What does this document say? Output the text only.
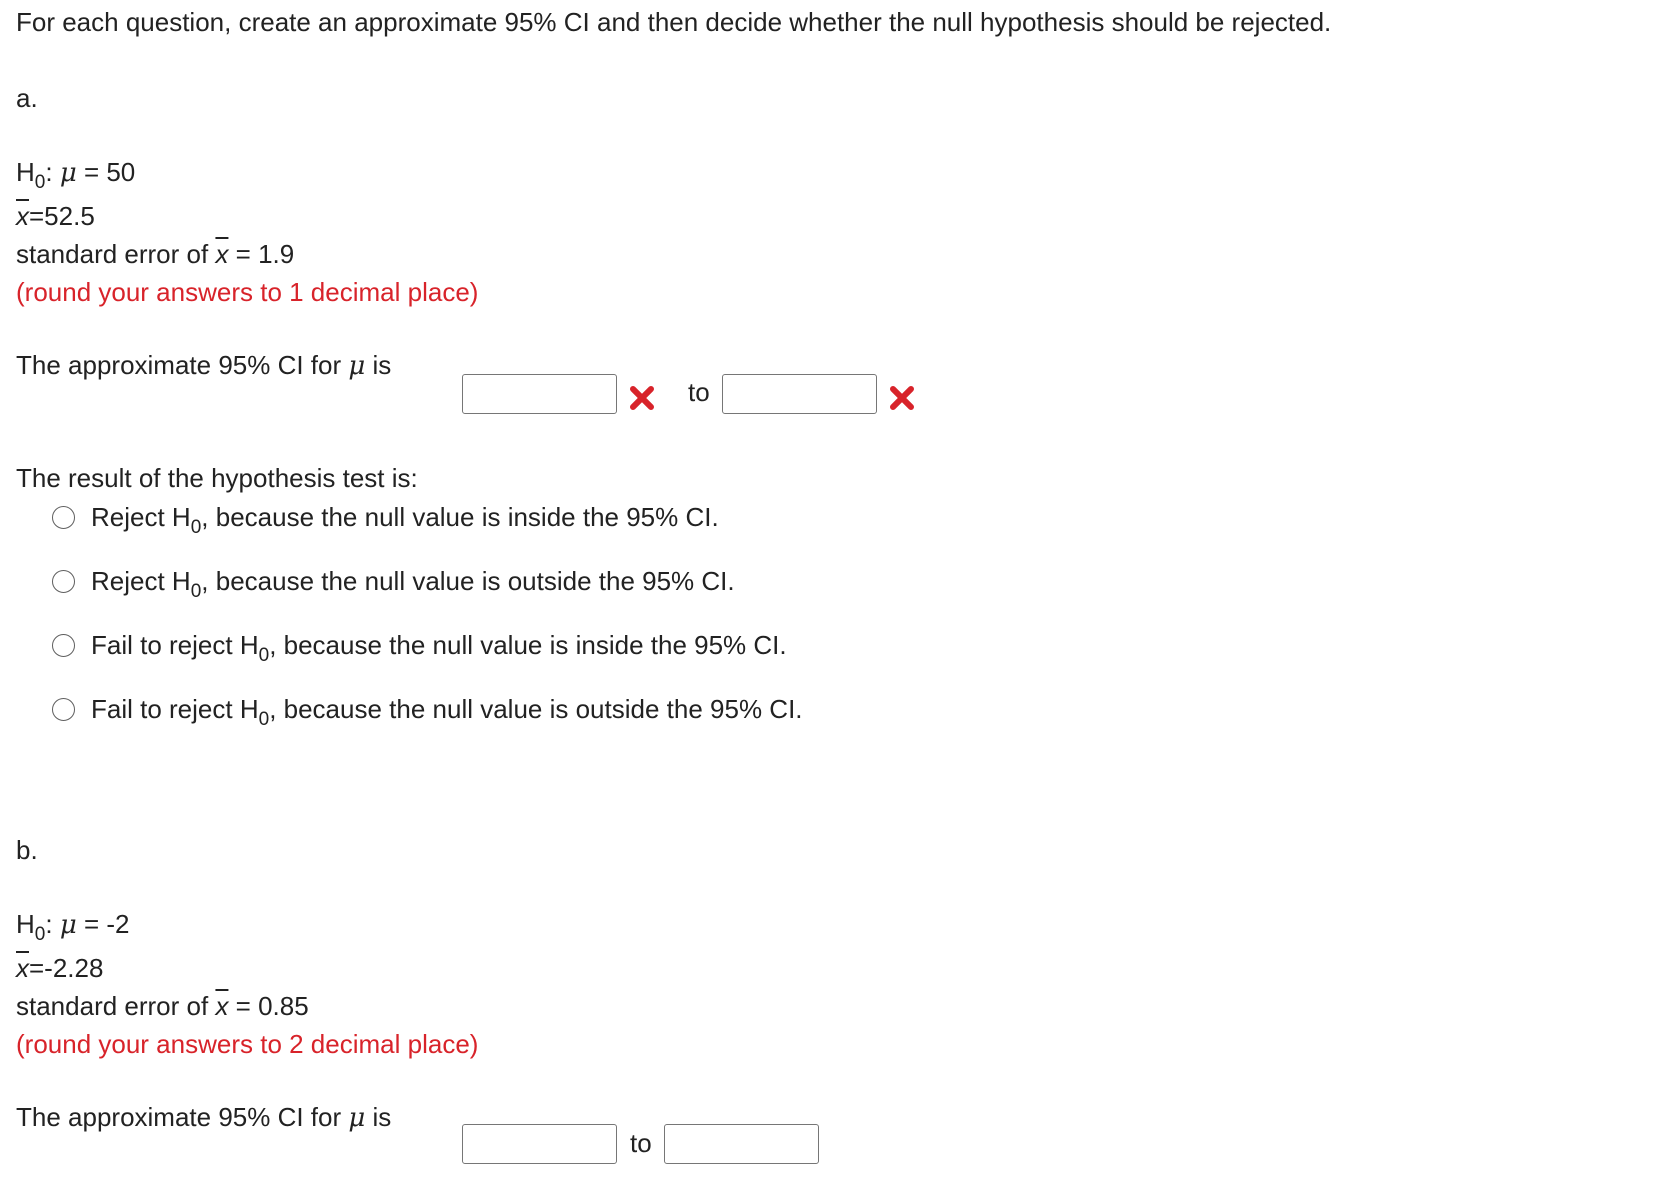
For each question, create an approximate 95% CI and then decide whether the null hypothesis should be rejected.
a.
$H_0$: μ = 50
$\overline{x}=52.5$
standard error of $\overline{x} = 1.9$
(round your answers to 1 decimal place)
The approximate 95% CI for μ is
to
The result of the hypothesis test is:
Reject $H_0$, because the null value is inside the 95% CI.
Reject $H_0$, because the null value is outside the 95% CI.
Fail to reject $H_0$, because the null value is inside the 95% CI.
Fail to reject $H_0$, because the null value is outside the 95% CI.
b.
$H_0$: μ = -2
$\overline{x}=-2.28$
standard error of $\overline{x} = 0.85$
(round your answers to 2 decimal place)
The approximate 95% CI for μ is
to
